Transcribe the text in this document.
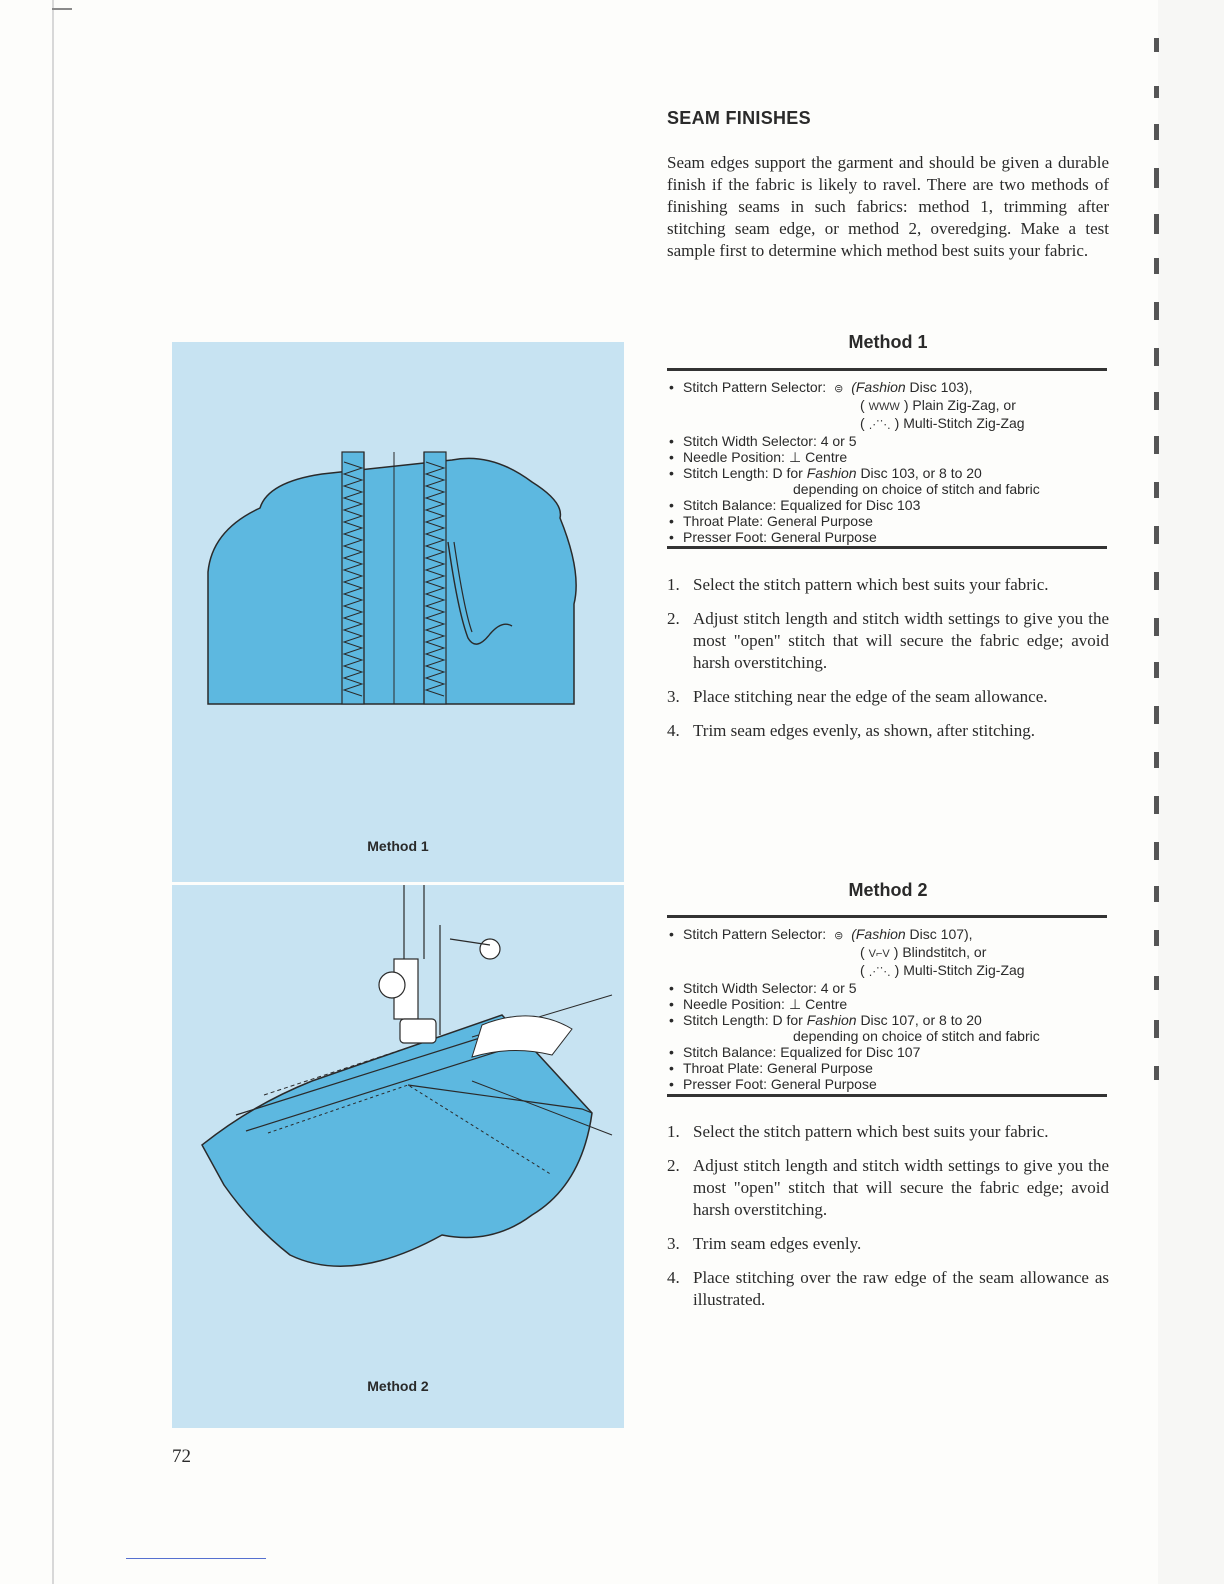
Method 1
Method 2
72
SEAM FINISHES
Seam edges support the garment and should be given a durable finish if the fabric is likely to ravel. There are two methods of finishing seams in such fabrics: method 1, trimming after stitching seam edge, or method 2, overedging. Make a test sample first to determine which method best suits your fabric.
Method 1
• Stitch Pattern Selector: ⊜ (Fashion Disc 103),
( WWW ) Plain Zig-Zag, or
( ⋰⋱ ) Multi-Stitch Zig-Zag
• Stitch Width Selector: 4 or 5
• Needle Position: ⊥ Centre
• Stitch Length: D for Fashion Disc 103, or 8 to 20
depending on choice of stitch and fabric
• Stitch Balance: Equalized for Disc 103
• Throat Plate: General Purpose
• Presser Foot: General Purpose
1. Select the stitch pattern which best suits your fabric.
2. Adjust stitch length and stitch width settings to give you the most "open" stitch that will secure the fabric edge; avoid harsh overstitching.
3. Place stitching near the edge of the seam allowance.
4. Trim seam edges evenly, as shown, after stitching.
Method 2
• Stitch Pattern Selector: ⊜ (Fashion Disc 107),
( V⌐V ) Blindstitch, or
( ⋰⋱ ) Multi-Stitch Zig-Zag
• Stitch Width Selector: 4 or 5
• Needle Position: ⊥ Centre
• Stitch Length: D for Fashion Disc 107, or 8 to 20
depending on choice of stitch and fabric
• Stitch Balance: Equalized for Disc 107
• Throat Plate: General Purpose
• Presser Foot: General Purpose
1. Select the stitch pattern which best suits your fabric.
2. Adjust stitch length and stitch width settings to give you the most "open" stitch that will secure the fabric edge; avoid harsh overstitching.
3. Trim seam edges evenly.
4. Place stitching over the raw edge of the seam allowance as illustrated.
